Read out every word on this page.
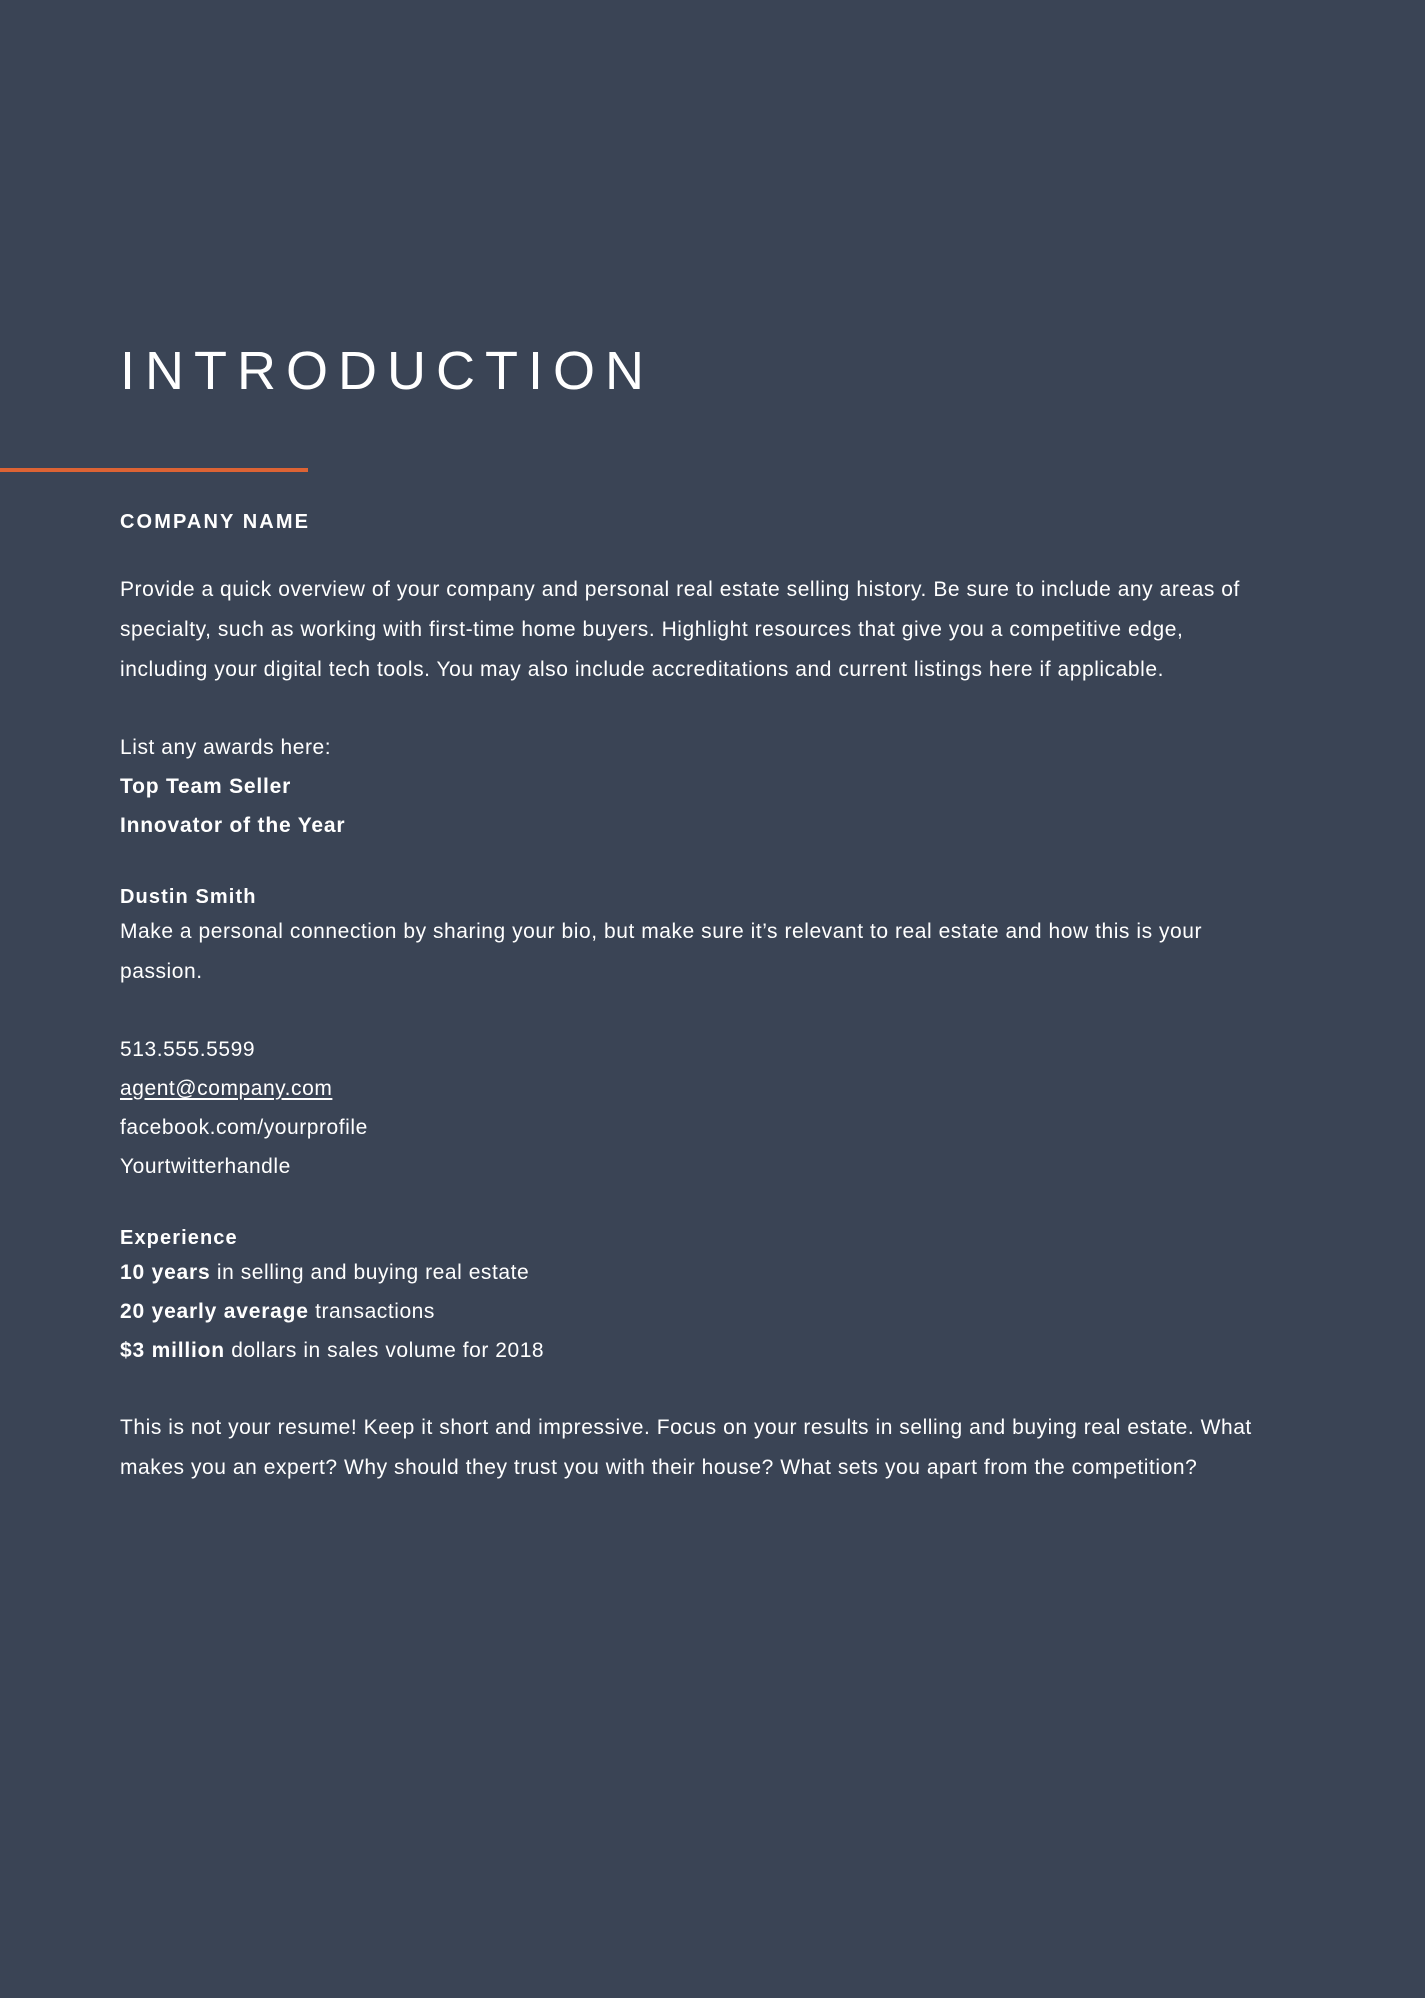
INTRODUCTION
COMPANY NAME

Provide a quick overview of your company and personal real estate selling history. Be sure to include any areas of specialty, such as working with first-time home buyers. Highlight resources that give you a competitive edge, including your digital tech tools. You may also include accreditations and current listings here if applicable.

List any awards here:

Top Team Seller

Innovator of the Year

Dustin Smith

Make a personal connection by sharing your bio, but make sure it’s relevant to real estate and how this is your passion.

513.555.5599

agent@company.com

facebook.com/yourprofile

Yourtwitterhandle

Experience

10 years in selling and buying real estate

20 yearly average transactions

$3 million dollars in sales volume for 2018

This is not your resume! Keep it short and impressive. Focus on your results in selling and buying real estate. What makes you an expert? Why should they trust you with their house? What sets you apart from the competition?
